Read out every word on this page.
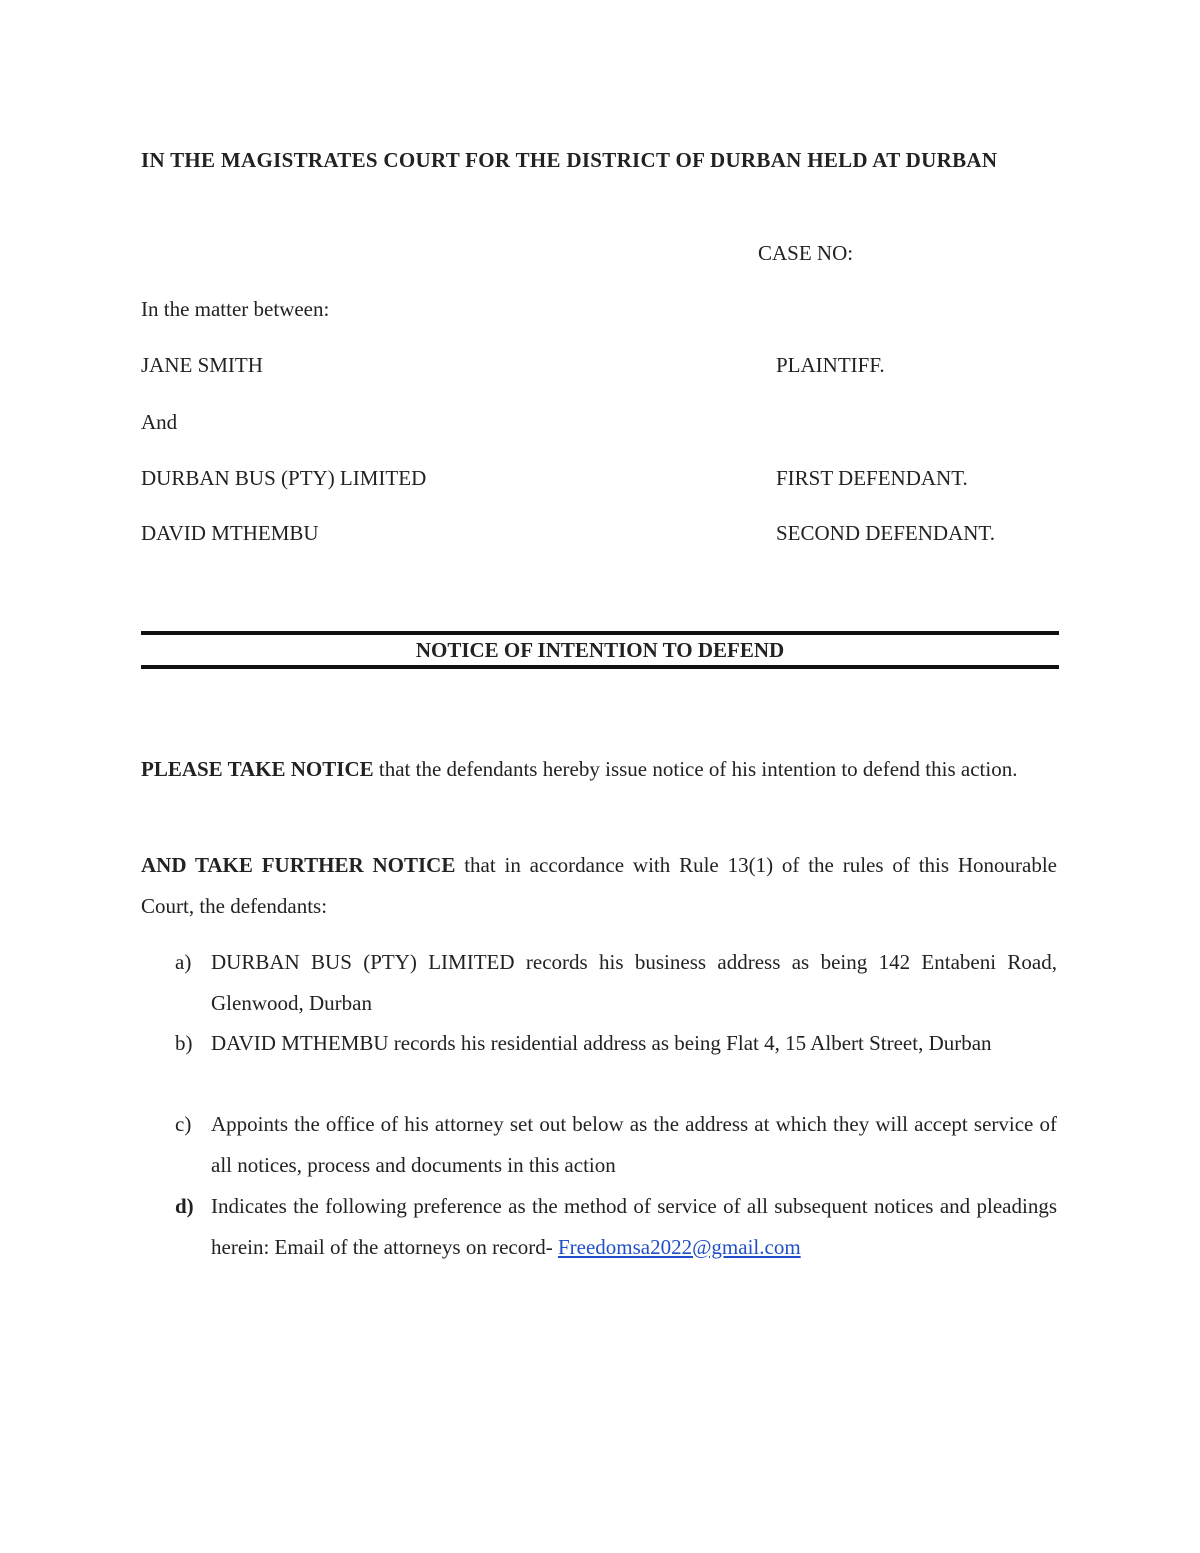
IN THE MAGISTRATES COURT FOR THE DISTRICT OF DURBAN HELD AT DURBAN
CASE NO:
In the matter between:
JANE SMITH	PLAINTIFF.
And
DURBAN BUS (PTY) LIMITED	FIRST DEFENDANT.
DAVID MTHEMBU	SECOND DEFENDANT.
NOTICE OF INTENTION TO DEFEND
PLEASE TAKE NOTICE that the defendants hereby issue notice of his intention to defend this action.
AND TAKE FURTHER NOTICE that in accordance with Rule 13(1) of the rules of this Honourable Court, the defendants:
a) DURBAN BUS (PTY) LIMITED records his business address as being 142 Entabeni Road, Glenwood, Durban
b) DAVID MTHEMBU records his residential address as being Flat 4, 15 Albert Street, Durban
c) Appoints the office of his attorney set out below as the address at which they will accept service of all notices, process and documents in this action
d) Indicates the following preference as the method of service of all subsequent notices and pleadings herein: Email of the attorneys on record- Freedomsa2022@gmail.com
